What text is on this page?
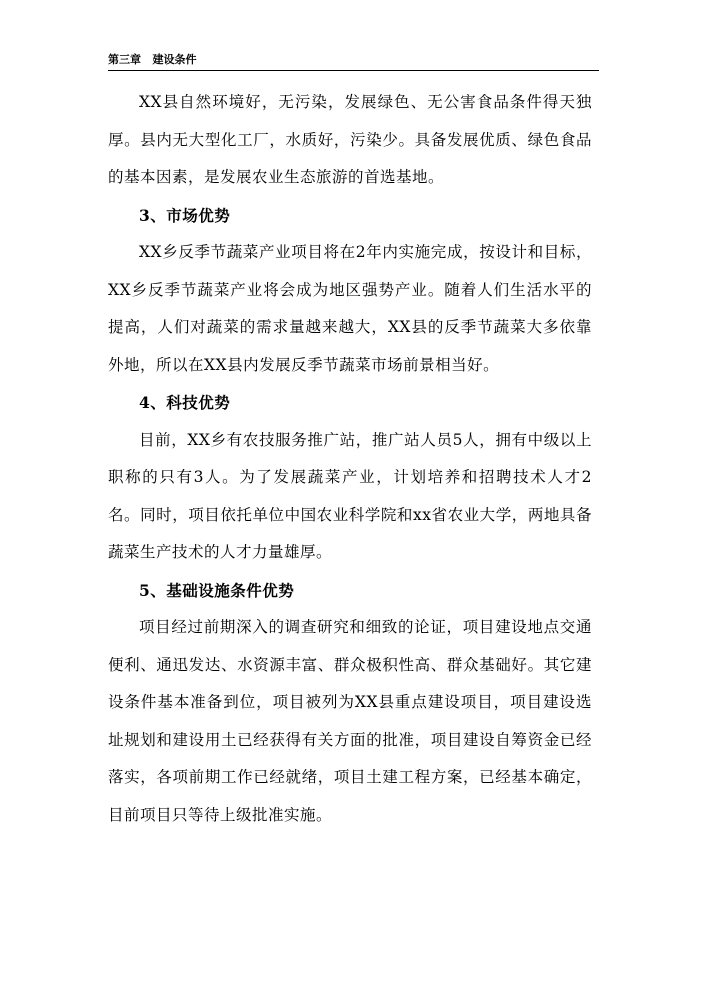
第三章 建设条件

XX县自然环境好，无污染，发展绿色、无公害食品条件得天独厚。县内无大型化工厂，水质好，污染少。具备发展优质、绿色食品的基本因素，是发展农业生态旅游的首选基地。

3、市场优势

XX乡反季节蔬菜产业项目将在2年内实施完成，按设计和目标，XX乡反季节蔬菜产业将会成为地区强势产业。随着人们生活水平的提高，人们对蔬菜的需求量越来越大，XX县的反季节蔬菜大多依靠外地，所以在XX县内发展反季节蔬菜市场前景相当好。

4、科技优势

目前，XX乡有农技服务推广站，推广站人员5人，拥有中级以上职称的只有3人。为了发展蔬菜产业，计划培养和招聘技术人才2名。同时，项目依托单位中国农业科学院和xx省农业大学，两地具备蔬菜生产技术的人才力量雄厚。

5、基础设施条件优势

项目经过前期深入的调查研究和细致的论证，项目建设地点交通便利、通迅发达、水资源丰富、群众极积性高、群众基础好。其它建设条件基本准备到位，项目被列为XX县重点建设项目，项目建设选址规划和建设用土已经获得有关方面的批准，项目建设自筹资金已经落实，各项前期工作已经就绪，项目土建工程方案，已经基本确定，目前项目只等待上级批准实施。
